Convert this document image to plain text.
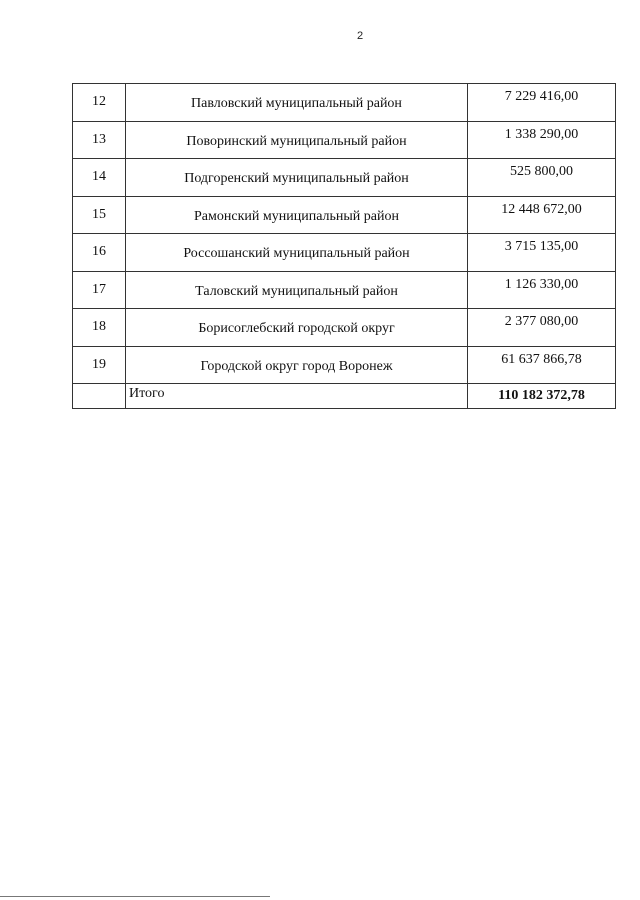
2
12	Павловский муниципальный район	7 229 416,00
13	Поворинский муниципальный район	1 338 290,00
14	Подгоренский муниципальный район	525 800,00
15	Рамонский муниципальный район	12 448 672,00
16	Россошанский муниципальный район	3 715 135,00
17	Таловский муниципальный район	1 126 330,00
18	Борисоглебский городской округ	2 377 080,00
19	Городской округ город Воронеж	61 637 866,78
	Итого	110 182 372,78
